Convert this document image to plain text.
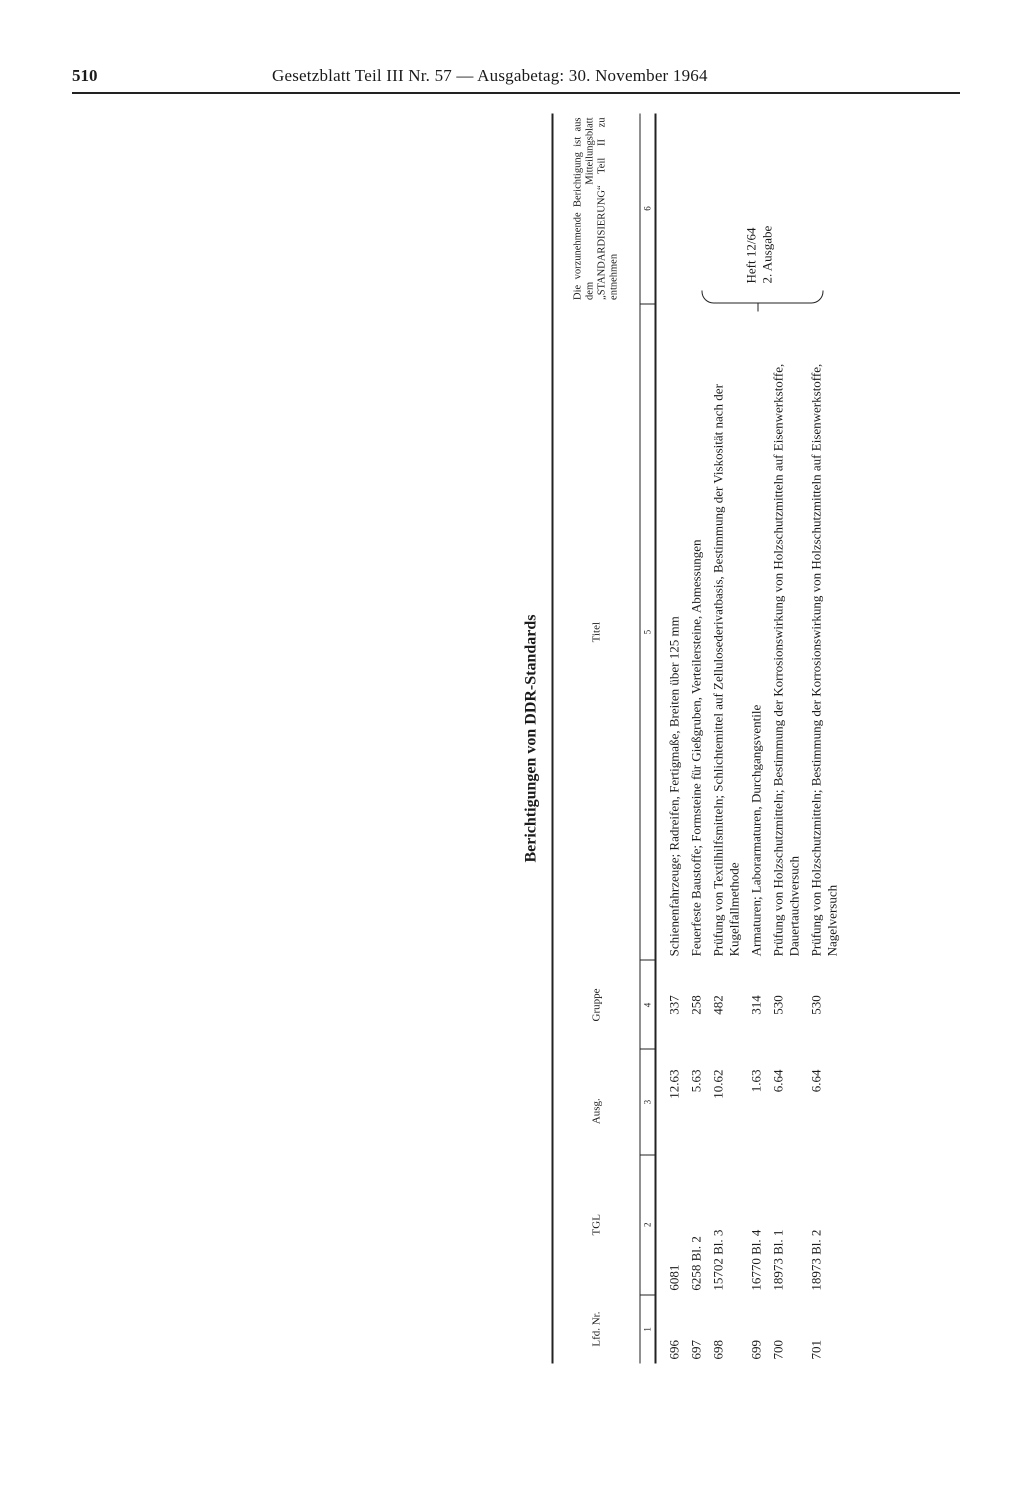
510	Gesetzblatt Teil III Nr. 57 — Ausgabetag: 30. November 1964
Berichtigungen von DDR-Standards

Lfd. Nr.	TGL	Ausg.	Gruppe	Titel	Die vorzunehmende Berichtigung ist aus dem Mitteilungsblatt „STANDARDISIERUNG“ Teil II zu entnehmen
1	2	3	4	5	6
696	6081	12.63	337	Schienenfahrzeuge; Radreifen, Fertigmaße, Breiten über 125 mm	
697	6258 Bl. 2	5.63	258	Feuerfeste Baustoffe; Formsteine für Gießgruben, Verteilersteine, Abmessungen	
698	15702 Bl. 3	10.62	482	Prüfung von Textilhilfsmitteln; Schlichtemittel auf Zellulosederivatbasis, Bestimmung der Viskosität nach der Kugelfallmethode	
699	16770 Bl. 4	1.63	314	Armaturen; Laborarmaturen, Durchgangsventile	
700	18973 Bl. 1	6.64	530	Prüfung von Holzschutzmitteln; Bestimmung der Korrosionswirkung von Holzschutzmitteln auf Eisenwerkstoffe, Dauertauchversuch	
701	18973 Bl. 2	6.64	530	Prüfung von Holzschutzmitteln; Bestimmung der Korrosionswirkung von Holzschutzmitteln auf Eisenwerkstoffe, Nagelversuch	
Heft 12/64 2. Ausgabe
